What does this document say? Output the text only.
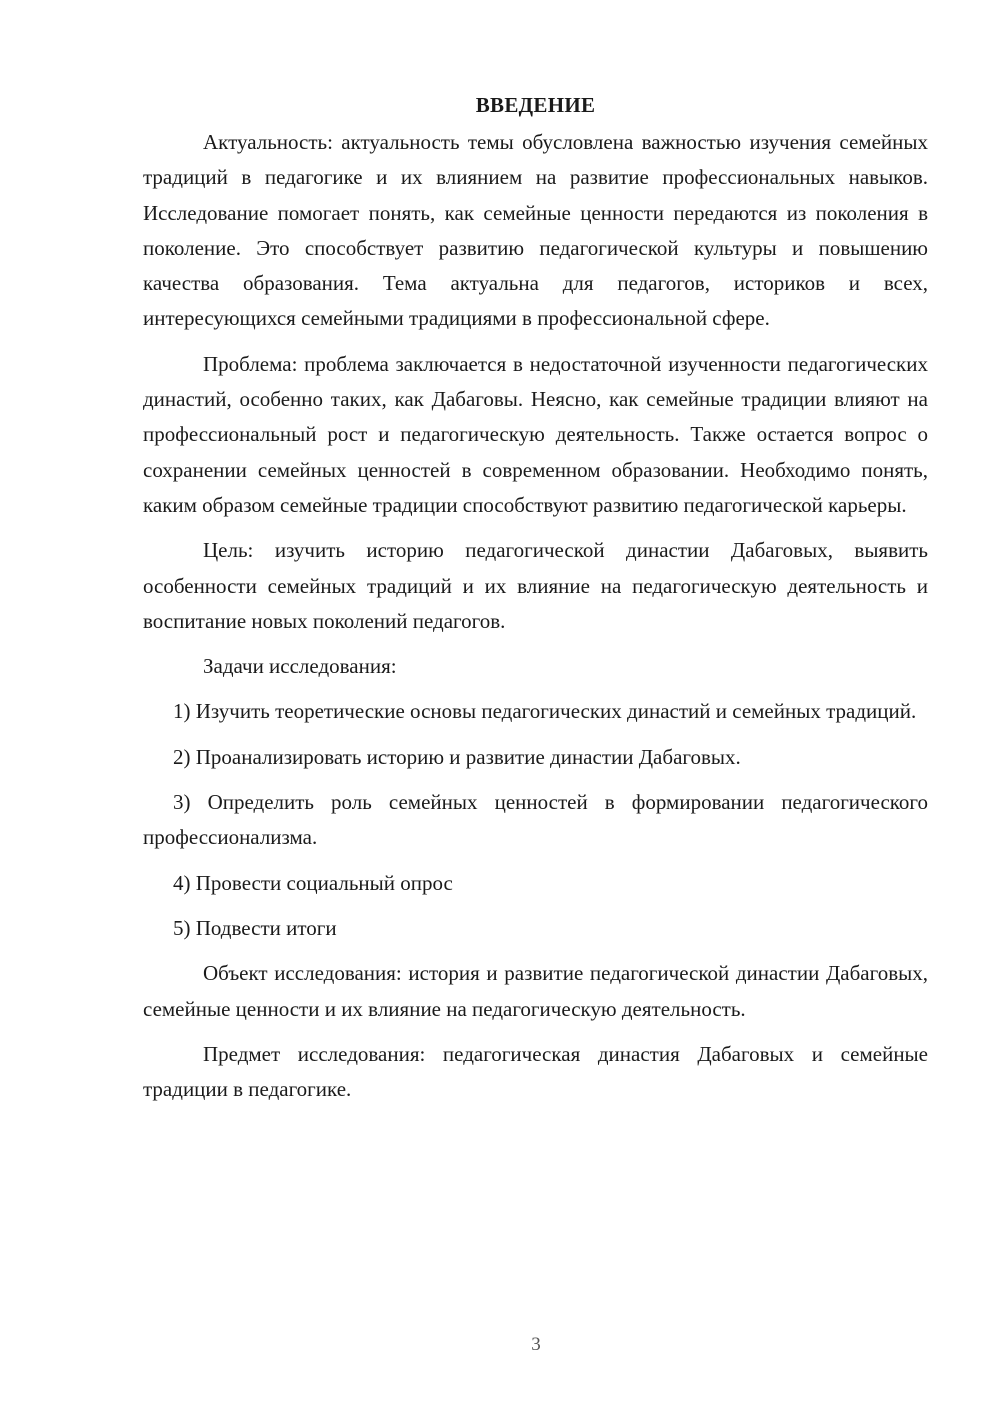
ВВЕДЕНИЕ

Актуальность: актуальность темы обусловлена важностью изучения семейных традиций в педагогике и их влиянием на развитие профессиональных навыков. Исследование помогает понять, как семейные ценности передаются из поколения в поколение. Это способствует развитию педагогической культуры и повышению качества образования. Тема актуальна для педагогов, историков и всех, интересующихся семейными традициями в профессиональной сфере.

Проблема: проблема заключается в недостаточной изученности педагогических династий, особенно таких, как Дабаговы. Неясно, как семейные традиции влияют на профессиональный рост и педагогическую деятельность. Также остается вопрос о сохранении семейных ценностей в современном образовании. Необходимо понять, каким образом семейные традиции способствуют развитию педагогической карьеры.

Цель: изучить историю педагогической династии Дабаговых, выявить особенности семейных традиций и их влияние на педагогическую деятельность и воспитание новых поколений педагогов.

Задачи исследования:

1) Изучить теоретические основы педагогических династий и семейных традиций.

2) Проанализировать историю и развитие династии Дабаговых.

3) Определить роль семейных ценностей в формировании педагогического профессионализма.

4) Провести социальный опрос

5) Подвести итоги

Объект исследования: история и развитие педагогической династии Дабаговых, семейные ценности и их влияние на педагогическую деятельность.

Предмет исследования: педагогическая династия Дабаговых и семейные традиции в педагогике.

3
